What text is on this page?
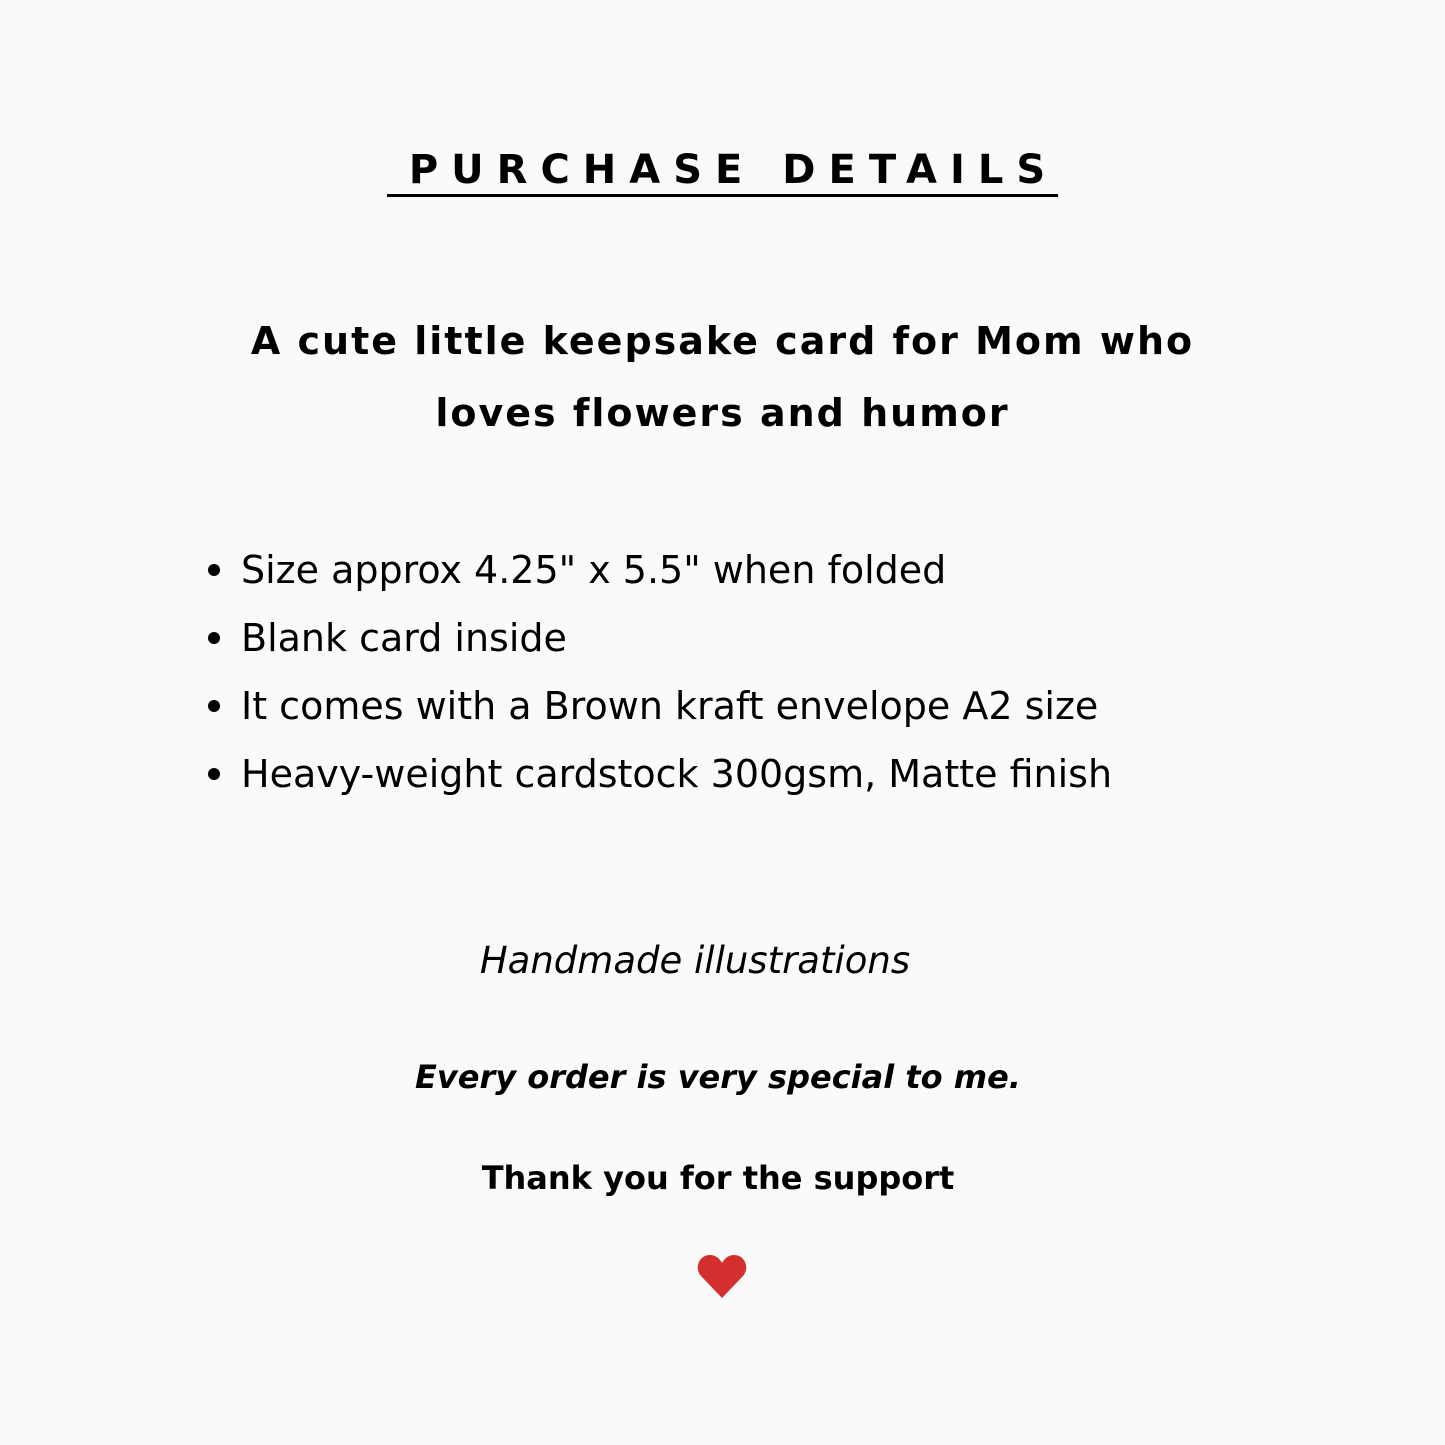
PURCHASE DETAILS
A cute little keepsake card for Mom who
loves flowers and humor
Size approx 4.25" x 5.5" when folded
Blank card inside
It comes with a Brown kraft envelope A2 size
Heavy-weight cardstock 300gsm, Matte finish
Handmade illustrations
Every order is very special to me.
Thank you for the support
